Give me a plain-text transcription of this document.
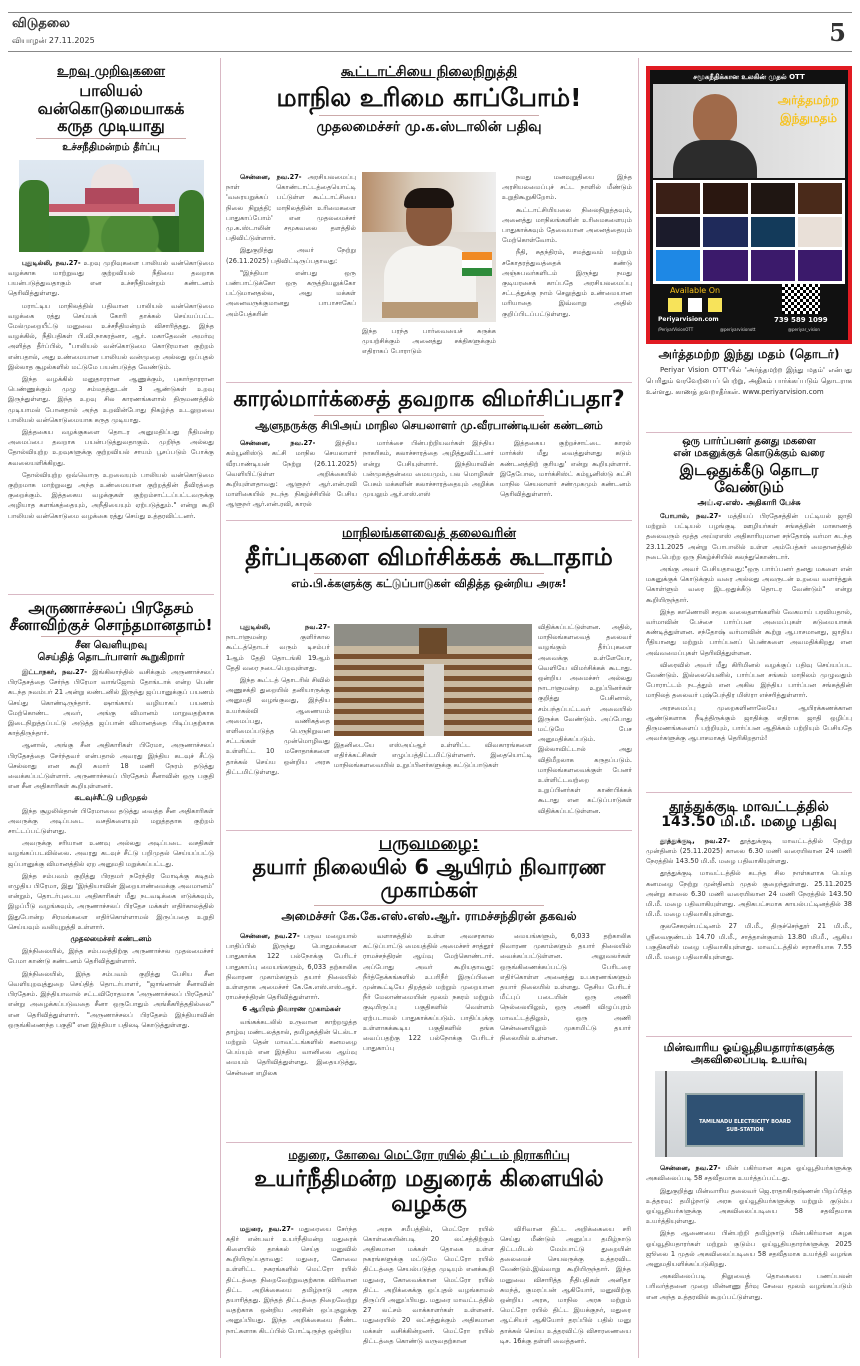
விடுதலை
வியாழன் 27.11.2025	5
உறவு முறிவுகளை
பாலியல் வன்கொடுமையாகக்
கருத முடியாது
உச்சநீதிமன்றம் தீர்ப்பு

புதுடில்லி, நவ.27- உறவு முறிவுகளை பாலியல் வன்கொடுமை வழக்காக மாற்றுவது குற்றவியல் நீதியை தவறாக பயன்படுத்துவதாகும் என உச்சநீதிமன்றம் கண்டனம் தெரிவித்துள்ளது.

மராட்டிய மாநிலத்தில் பதிவான பாலியல் வன்கொடுமை வழக்கை ரத்து செய்யக் கோரி தாக்கல் செய்யப்பட்ட மேல்முறையீட்டு மனுவை உச்சநீதிமன்றம் விசாரித்தது. இந்த வழக்கில், நீதிபதிகள் பி.வி.நாகரத்னா, ஆர். மகாதேவன் அமர்வு அளித்த தீர்ப்பில், "பாலியல் வன்கொடுமை கொடூரமான குற்றம் என்பதால், அது உண்மையான பாலியல் வன்முறை அல்லது ஒப்புதல் இல்லாத சூழல்களில் மட்டுமே பயன்படுத்த வேண்டும்.

இந்த வழக்கில் மனுதாரரான ஆணுக்கும், புகார்தாரரான பெண்ணுக்கும் முழு சம்மதத்துடன் 3 ஆண்டுகள் உறவு இருந்துள்ளது. இந்த உறவு சில காரணங்களால் திருமணத்தில் முடியாமல் போனதால் அந்த உறவின்போது நிகழ்ந்த உடலுறவை பாலியல் வன்கொடுமையாக கருத முடியாது.

இத்தகைய வழக்குகளை தொடர அனுமதிப்பது நீதிமன்ற அமைப்பை தவறாக பயன்படுத்துவதாகும். முறிந்த அல்லது தோல்வியுற்ற உறவுகளுக்கு குற்றவியல் சாயம் பூசப்படும் போக்கு கவலையளிக்கிறது.

தோல்வியுற்ற ஒவ்வொரு உறவையும் பாலியல் வன்கொடுமை குற்றமாக மாற்றுவது அந்த உண்மையான குற்றத்தின் தீவிரத்தை குறைக்கும். இத்தகைய வழக்குகள் குற்றம்சாட்டப்பட்டவருக்கு அழியாத களங்கத்தையும், அநீதியையும் ஏற்படுத்தும்." என்று கூறி பாலியல் வன்கொடுமை வழக்கை ரத்து செய்து உத்தரவிட்டனர்.

அருணாச்சலப் பிரதேசம்
சீனாவிற்குச் சொந்தமானதாம்!
சீன வெளியுறவு
செய்தித் தொடர்பாளர் கூறுகிறார்

இட்டாநகர், நவ.27- இங்கிலாந்தில் வசிக்கும் அருணாச்சலப் பிரதேசத்தை சேர்ந்த பிரேமா வாங்ஜோம் தோங்டாக் என்ற பெண் கடந்த நவம்பர் 21 அன்று லண்டனில் இருந்து ஜப்பானுக்குப் பயணம் செய்து கொண்டிருந்தார். ஷாங்காய் வழியாகப் பயணம் மேற்கொண்ட அவர், அங்கு விமானம் மாறுவதற்காக இடைநிறுத்தப்பட்டு அடுத்த ஜப்பான் விமானத்தை பிடிப்பதற்காக காத்திருந்தார்.

ஆனால், அங்கு சீன அதிகாரிகள் பிரேமா, அருணாச்சலப் பிரதேசத்தை சேர்ந்தவர் என்பதால் அவரது இந்திய கடவுச் சீட்டு செல்லாது என கூறி சுமார் 18 மணி நேரம் தடுத்து வைக்கப்பட்டுள்ளார். அருணாச்சலப் பிரதேசம் சீனாவின் ஒரு பகுதி என சீன அதிகாரிகள் கூறியுள்ளனர்.

கடவுச்சீட்டு பறிமுதல்

இந்த சூழலில்தான் பிரேமாவை தடுத்து வைத்த சீன அதிகாரிகள் அவருக்கு அடிப்படை வசதிகளையும் மறுத்ததாக குற்றம் சாட்டப்பட்டுள்ளது.

அவருக்கு சரியான உணவு அல்லது அடிப்படை வசதிகள் வழங்கப்படவில்லை. அவரது கடவுச் சீட்டு பறிமுதல் செய்யப்பட்டு ஜப்பானுக்கு விமானத்தில் ஏற அனுமதி மறுக்கப்பட்டது.

இந்த சம்பவம் குறித்து பிரதமர் நரேந்திர மோடிக்கு கடிதம் எழுதிய பிரேமா, இது 'இந்தியாவின் இறையாண்மைக்கு அவமானம்' என்றும், தொடர்புடைய அதிகாரிகள் மீது நடவடிக்கை எடுக்கவும், இழப்பீடு வழங்கவும், அருணாச்சலப் பிரதேச மக்கள் எதிர்காலத்தில் இதுபோன்ற சிரமங்களை எதிர்கொள்ளாமல் இருப்பதை உறுதி செய்யவும் வலியுறுத்தி உள்ளார்.

முதலமைச்சர் கண்டனம்

இந்நிலையில், இந்த சம்பவத்திற்கு அருணாச்சல முதலமைச்சர் பேமா காண்டு கண்டனம் தெரிவித்துள்ளார்.

இந்நிலையில், இந்த சம்பவம் குறித்து பேசிய சீன வெளியுறவுத்துறை செய்தித் தொடர்பாளர், "ஜாங்னான் சீனாவின் பிரதேசம். இந்தியாவால் சட்டவிரோதமாக 'அருணாச்சலப் பிரதேசம்' என்று அழைக்கப்படுவதை சீனா ஒருபோதும் அங்கீகரித்ததில்லை" என தெரிவித்துள்ளார். "அருணாச்சலப் பிரதேசம் இந்தியாவின் ஒருங்கிணைந்த பகுதி" என இந்தியா பதிலடி கொடுத்துள்ளது.

கூட்டாட்சியை நிலைநிறுத்தி
மாநில உரிமை காப்போம்!
முதலமைச்சர் மு.க.ஸ்டாலின் பதிவு

சென்னை, நவ.27- அரசியலமைப்பு நாள் கொண்டாட்டத்தையொட்டி 'வரையறுக்கப் பட்டுள்ள கூட்டாட்சியை நிலை நிறுத்தி; மாநிலத்தின் உரிமைகளை பாதுகாப்போம்' என முதலமைச்சர் மு.க.ஸ்டாலின் சமூகவலை தளத்தில் பதிவிட்டுள்ளார்.

இதுகுறித்து அவர் நேற்று (26.11.2025) பதிவிட்டிருப்பதாவது:

"இந்தியா என்பது ஒரு பண்பாட்டுக்கோ ஒரு கருத்தியலுக்கோ பட்டுமானதல்ல, அது மக்கள் அனைவருக்குமானது பாபாசாகேப் அம்பேத்கரின்

இந்த பரந்த பார்வையைச் சுருக்க முயற்சிக்கும் அனைத்து சக்திகளுக்கும் எதிராகப் போராடும்

நமது மனவுறுதியை இந்த அரசியலமைப்புச் சட்ட நாளில் மீண்டும் உறுதிகூறுகிறோம்.

கூட்டாட்சியியலை நிலைநிறுத்தவும், அனைத்து மாநிலங்களின் உரிமைகளையும் பாதுகாக்கவும் தேவையான அனைத்தையும் மேற்கொள்வோம்.

நீதி, சுதந்திரம், சமத்துவம் மற்றும் சகோதரத்துவத்தைக் கண்டு அஞ்சுபவர்களிடம் இருந்து நமது குடியரசைக் காப்பதே அரசியலமைப்பு சட்டத்துக்கு நாம் செலுத்தும் உண்மையான மரியாதை இவ்வாறு அதில் குறிப்பிடப்பட்டுள்ளது.

காரல்மார்க்சைத் தவறாக விமர்சிப்பதா?
ஆளுநருக்கு சிபிஅய் மாநில செயலாளர் மு.வீரபாண்டியன் கண்டனம்

சென்னை, நவ.27-	இந்திய கம்யூனிஸ்டு கட்சி மாநில செயலாளர் வீரபாண்டியன் நேற்று (26.11.2025) வெளியிட்டுள்ள அறிக்கையில் கூறியுள்ளதாவது: ஆளுநர் ஆர்.என்.ரவி மாளிகையில் நடந்த நிகழ்ச்சியில் பேசிய ஆளுநர் ஆர்.என்.ரவி, காரல்

மார்க்சை பின்பற்றியவர்கள் இந்திய நாகரிகம், கலாச்சாரத்தை அழித்துவிட்டனர் என்று பேசியுள்ளார். இந்தியாவின் பன்முகத்தன்மை மையமும், பல மொழிகள் பேசும் மக்களின் கலாச்சாரத்தையும் அழிக்க முயலும் ஆர்.எஸ்.எஸ்

இத்தகைய குற்றச்சாட்டை காரல் மார்க்ஸ் மீது வைத்துள்ளது கடும் கண்டனத்திற் குரியது' என்று கூறியுள்ளார். இதேபோல, மார்க்சிஸ்ட் கம்யூனிஸ்டு கட்சி மாநில செயலாளர் சண்முகமும் கண்டனம் தெரிவித்துள்ளார்.

மாநிலங்களவைத் தலைவரின்
தீர்ப்புகளை விமர்சிக்கக் கூடாதாம்
எம்.பி.க்களுக்கு கட்டுப்பாடுகள் விதித்த ஒன்றிய அரசு!

புதுடில்லி, நவ.27- நாடாளுமன்ற குளிர்கால கூட்டத்தொடர் வரும் டிசம்பர் 1ஆம் தேதி தொடங்கி 19ஆம் தேதி வரை நடைபெறவுள்ளது.

இந்த கூட்டத் தொடரில் சிவில் அணுசக்தி துறையில் தனியாருக்கு அனுமதி வழங்குவது, இந்திய உயர்கல்வி ஆணையம் அமைப்பது, வணிகத்தை எளிமைப்படுத்த பெருநிறுவன சட்டங்கள் முன்மொழிவது உள்ளிட்ட 10 மசோதாக்களை தாக்கல் செய்ய ஒன்றிய அரசு திட்டமிட்டுள்ளது.

இதனிடையே எஸ்அய்ஆர் உள்ளிட்ட விவகாரங்களை எதிர்க்கட்சிகள் எழுப்பத்திட்டமிட்டுள்ளனர். இதையொட்டி மாநிலங்களவையில் உறுப்பினர்களுக்கு கட்டுப்பாடுகள்

விதிக்கப்பட்டுள்ளன. அதில், மாநிலங்களவைத் தலைவர் வழங்கும் தீர்ப்புகளை அவைக்கு உள்ளேயோ, வெளியே விமர்சிக்கக் கூடாது. ஒன்றிய அமைச்சர் அல்லது நாடாளுமன்ற உறுப்பினர்கள் குறித்து பேசினால், சம்பந்தப்பட்டவர் அவையில் இருக்க வேண்டும். அப்போது மட்டுமே பேச அனுமதிக்கப்படும். இல்லாவிட்டால் அது விதிமீறலாக கருதப்படும். மாநிலங்களவைக்குள் பேனர் உள்ளிட்டவற்றை உறுப்பினர்கள் காண்பிக்கக் கூடாது என கட்டுப்பாடுகள் விதிக்கப்பட்டுள்ளன.

பருவமழை:
தயார் நிலையில் 6 ஆயிரம் நிவாரண முகாம்கள்
அமைச்சர் கே.கே.எஸ்.எஸ்.ஆர். ராமச்சந்திரன் தகவல்

சென்னை, நவ.27- பருவ மழையால் பாதிப்பில் இருந்து பொதுமக்களை பாதுகாக்க 122 பல்நோக்கு பேரிடர் பாதுகாப்பு மையங்களும், 6,033 தற்காலிக நிவாரண முகாம்களும் தயார் நிலையில் உள்ளதாக அமைச்சர் கே.கே.எஸ்.எஸ்.ஆர். ராமச்சந்திரன் தெரிவித்துள்ளார்.

6 ஆயிரம் நிவாரண முகாம்கள்

வங்கக்கடலில் உருவான காற்றழுத்த தாழ்வு மண்டலத்தால், தமிழகத்தின் டெல்டா மற்றும் தென் மாவட்டங்களில் கனமழை பெய்யும் என இந்திய வானிலை ஆய்வு மையம் தெரிவித்துள்ளது. இதையடுத்து, சென்னை எழிலக

வளாகத்தில் உள்ள அவசரகால கட்டுப்பாட்டு மையத்தில் அமைச்சர் சாத்தூர் ராமச்சந்திரன் ஆய்வு மேற்கொண்டார். அப்போது அவர் கூறியதாவது: நீர்த்தேக்கங்களில் உபரிநீர் இருப்பினை முன்கூட்டியே திறத்தல் மற்றும் முறையான நீர் மேலாண்மையின் மூலம் நகரம் மற்றும் குடியிருப்பு பகுதிகளில் வெள்ளம் ஏற்படாமல் பாதுகாக்கப்படும். பாதிப்புக்கு உள்ளாகக்கூடிய பகுதிகளில் தங்க வைப்பதற்கு 122 பல்நோக்கு பேரிடர் பாதுகாப்பு

மையங்களும், 6,033 தற்காலிக நிவாரண முகாம்களும் தயார் நிலையில் வைக்கப்பட்டுள்ளன. அலுவலர்கள் ஒருங்கிணைக்கப்பட்டு பேரிடரை எதிர்கொள்ள அனைத்து உபகரணங்களும் தயார் நிலையில் உள்ளது. தேசிய பேரிடர் மீட்புப் படையின் ஒரு அணி நெல்லையிலும், ஒரு அணி விழுப்புரம் மாவட்டத்திலும், ஒரு அணி சென்னையிலும் முகாமிட்டு தயார் நிலையில் உள்ளன.

மதுரை, கோவை மெட்ரோ ரயில் திட்டம் நிராகரிப்பு
உயர்நீதிமன்ற மதுரைக் கிளையில் வழக்கு

மதுரை, நவ.27- மதுரையை சேர்ந்த கதிர் என்பவர் உயர்நீதிமன்ற மதுரைக் கிளையில் தாக்கல் செய்த மனுவில் கூறியிருப்பதாவது: மதுரை, கோவை உள்ளிட்ட நகரங்களில் மெட்ரோ ரயில் திட்டத்தை நிறைவேற்றுவதற்காக விரிவான திட்ட அறிக்கையை தமிழ்நாடு அரசு தயாரித்தது. இந்தத் திட்டத்தை நிறைவேற்று வதற்காக ஒன்றிய அரசின் ஒப்புதலுக்கு அனுப்பியது. இந்த அறிக்கையை நீண்ட நாட்களாக கிடப்பில் போட்டிருந்த ஒன்றிய

அரசு சமீபத்தில், மெட்ரோ ரயில் கொள்கையின்படி 20 லட்சத்திற்கும் அதிகமான மக்கள் தொகை உள்ள நகரங்களுக்கு மட்டுமே மெட்ரோ ரயில் திட்டத்தை செயல்படுத்த முடியும் எனக்கூறி மதுரை, கோவைக்கான மெட்ரோ ரயில் திட்ட அறிக்கைக்கு ஒப்புதல் வழங்காமல் திருப்பி அனுப்பியது. மதுரை மாவட்டத்தில் 27 லட்சம் வாக்காளர்கள் உள்ளனர். மதுரையில் 20 லட்சத்துக்கும் அதிகமான மக்கள் வசிக்கின்றனர். மெட்ரோ ரயில் திட்டத்தை கொண்டு வருவதற்கான

விரிவான திட்ட அறிக்கையை சரி செய்து மீண்டும் அனுப்ப தமிழ்நாடு திட்டமிடல் மேம்பாட்டு துறையின் தலைமைச் செயலருக்கு உத்தரவிட வேண்டும்.இவ்வாறு கூறியிருந்தார். இந்த மனுவை விசாரித்த நீதிபதிகள் அனிதா சுமந்த், குமரப்பன் ஆகியோர், மனுவிற்கு ஒன்றிய அரசு, மாநில அரசு மற்றும் மெட்ரோ ரயில் திட்ட இயக்குநர், மதுரை ஆட்சியர் ஆகியோர் தரப்பில் பதில் மனு தாக்கல் செய்ய உத்தரவிட்டு விசாரணையை டிச. 16க்கு தள்ளி வைத்தனர்.

சமூகநீதிக்கான உலகின் முதல் OTT
அர்த்தமற்ற
இந்துமதம்
Available On
Periyarvision.com
/PeriyarVisionOTT	@periyarvisionott	@periyar_vision
739 589 1099
அர்த்தமற்ற இந்து மதம் (தொடர்)

Periyar Vision OTT'யில் 'அர்த்தமற்ற இந்து மதம்' என்பது பெரிதும் வரவேற்பைப் பெற்று, அதிகம் பார்க்கப்படும் தொடராக உள்ளது. காணத் தவறாதீர்கள். www.periyarvision.com

ஒரு பார்ப்பனர் தனது மகளை
என் மகனுக்குக் கொடுக்கும் வரை
இடஒதுக்கீடு தொடர வேண்டும்
அய்.ஏ.எஸ். அதிகாரி பேச்சு

போபால், நவ.27- மத்தியப் பிரதேசத்தின் பட்டியல் ஜாதி மற்றும் பட்டியல் பழங்குடி ஊழியர்கள் சங்கத்தின் மாகாணத் தலைவரும் மூத்த அய்ஏஎஸ் அதிகாரியுமான சந்தோஷ் வர்மா கடந்த 23.11.2025 அன்று போபாலில் உள்ள அம்பேத்கர் மைதானத்தில் நடைபெற்ற ஒரு நிகழ்ச்சியில் கலந்துகொண்டார்.

அங்கு அவர் பேசியதாவது:"ஒரு பார்ப்பனர் தனது மகளை என் மகனுக்குக் கொடுக்கும் வரை அல்லது அவருடன் உறவை வளர்த்துக் கொள்ளும் வரை இடஒதுக்கீடு தொடர வேண்டும்" என்று கூறியிருந்தார்.

இந்த காணொலி சமூக வலைதளங்களில் வேகமாய் பரவியதால், வர்மாவின் பேச்சை பார்ப்பன அமைப்புகள் கடுமையாகக் கண்டித்துள்ளன. சந்தோஷ் வர்மாவின் கூற்று ஆபாசமானது, ஜாதிய ரீதியானது மற்றும் பார்ப்பனப் பெண்களை அவமதிக்கிறது என அவ்வமைப்புகள் தெரிவித்துள்ளன.

விரைவில் அவர் மீது கிரிமினல் வழக்குப் பதிவு செய்யப்பட வேண்டும். இல்லையெனில், பார்ப்பன சங்கம் மாநிலம் முழுவதும் போராட்டம் நடத்தும் என அகில இந்திய பார்ப்பன சங்கத்தின் மாநிலத் தலைவர் புஷ்பேந்திர மிஸ்ரா எச்சரித்துள்ளார்.

அரசமைப்பு முறைகளினாலேயே ஆயிரக்கணக்கான ஆண்டுகளாக நீடித்திருக்கும் ஜாதிக்கு எதிராக ஜாதி ஒழிப்பு திருமணங்களைப் பற்றியும், பார்ப்பன ஆதிக்கம் பற்றியும் பேசியதே அவர்களுக்கு ஆபாசமாகத் தெரிகிறதாம்!

தூத்துக்குடி மாவட்டத்தில்
143.50 மி.மீ. மழை பதிவு

தூத்துக்குடி, நவ.27- தூத்துக்குடி மாவட்டத்தில் நேற்று முன்தினம் (25.11.2025) காலை 6.30 மணி வரையிலான 24 மணி நேரத்தில் 143.50 மி.மீ. மழை பதிவாகியுள்ளது.

தூத்துக்குடி மாவட்டத்தில் கடந்த சில நாள்களாக பெய்த கனமழை நேற்று முன்தினம் முதல் குறைந்துள்ளது. 25.11.2025 அன்று காலை 6.30 மணி வரையிலான 24 மணி நேரத்தில் 143.50 மி.மீ. மழை பதிவாகியுள்ளது. அதிகபட்சமாக காயல்பட்டினத்தில் 38 மி.மீ. மழை பதிவாகியுள்ளது.

குலசேகரன்பட்டினம் 27 மி.மீ., திருச்செந்தூர் 21 மி.மீ., ஸ்ரீவைகுண்டம் 14.70 மி.மீ., சாத்தான்குளம் 13.80 மி.மீ., ஆகிய பகுதிகளில் மழை பதிவாகியுள்ளது. மாவட்டத்தில் சராசரியாக 7.55 மி.மீ. மழை பதிவாகியுள்ளது.

மின்வாரிய ஓய்வூதியதாரர்களுக்கு
அகவிலைப்படி உயர்வு
TAMILNADU ELECTRICITY BOARD
SUB-STATION

சென்னை, நவ.27- மின் பகிர்மான கழக ஓய்வூதியர்களுக்கு அகவிலைப்படி 58 சதவீதமாக உயர்த்தப்பட்டது.

இதுகுறித்து மின்வாரிய தலைவர் ஜெ.ராதாகிருஷ்ணன் பிறப்பித்த உத்தரவு: தமிழ்நாடு அரசு ஓய்வூதியர்களுக்கு மற்றும் குடும்ப ஓய்வூதியர்களுக்கு அகவிலைப்படியை 58 சதவீதமாக உயர்த்தியுள்ளது.

இந்த ஆணையை பின்பற்றி தமிழ்நாடு மின்பகிர்மான கழக ஓய்வூதியதாரர்கள் மற்றும் குடும்ப ஓய்வூதியதாரர்களுக்கு 2025 ஜூலை 1 முதல் அகவிலைப்படியை 58 சதவீதமாக உயர்த்தி வழங்க அனுமதியளிக்கப்படுகிறது.

அகவிலைப்படி நிலுவைத் தொகையை பணப்பலன் பரிவர்த்தனை முறை மின்னணு தீர்வு சேவை மூலம் வழங்கப்படும் என அந்த உத்தரவில் கூறப்பட்டுள்ளது.
